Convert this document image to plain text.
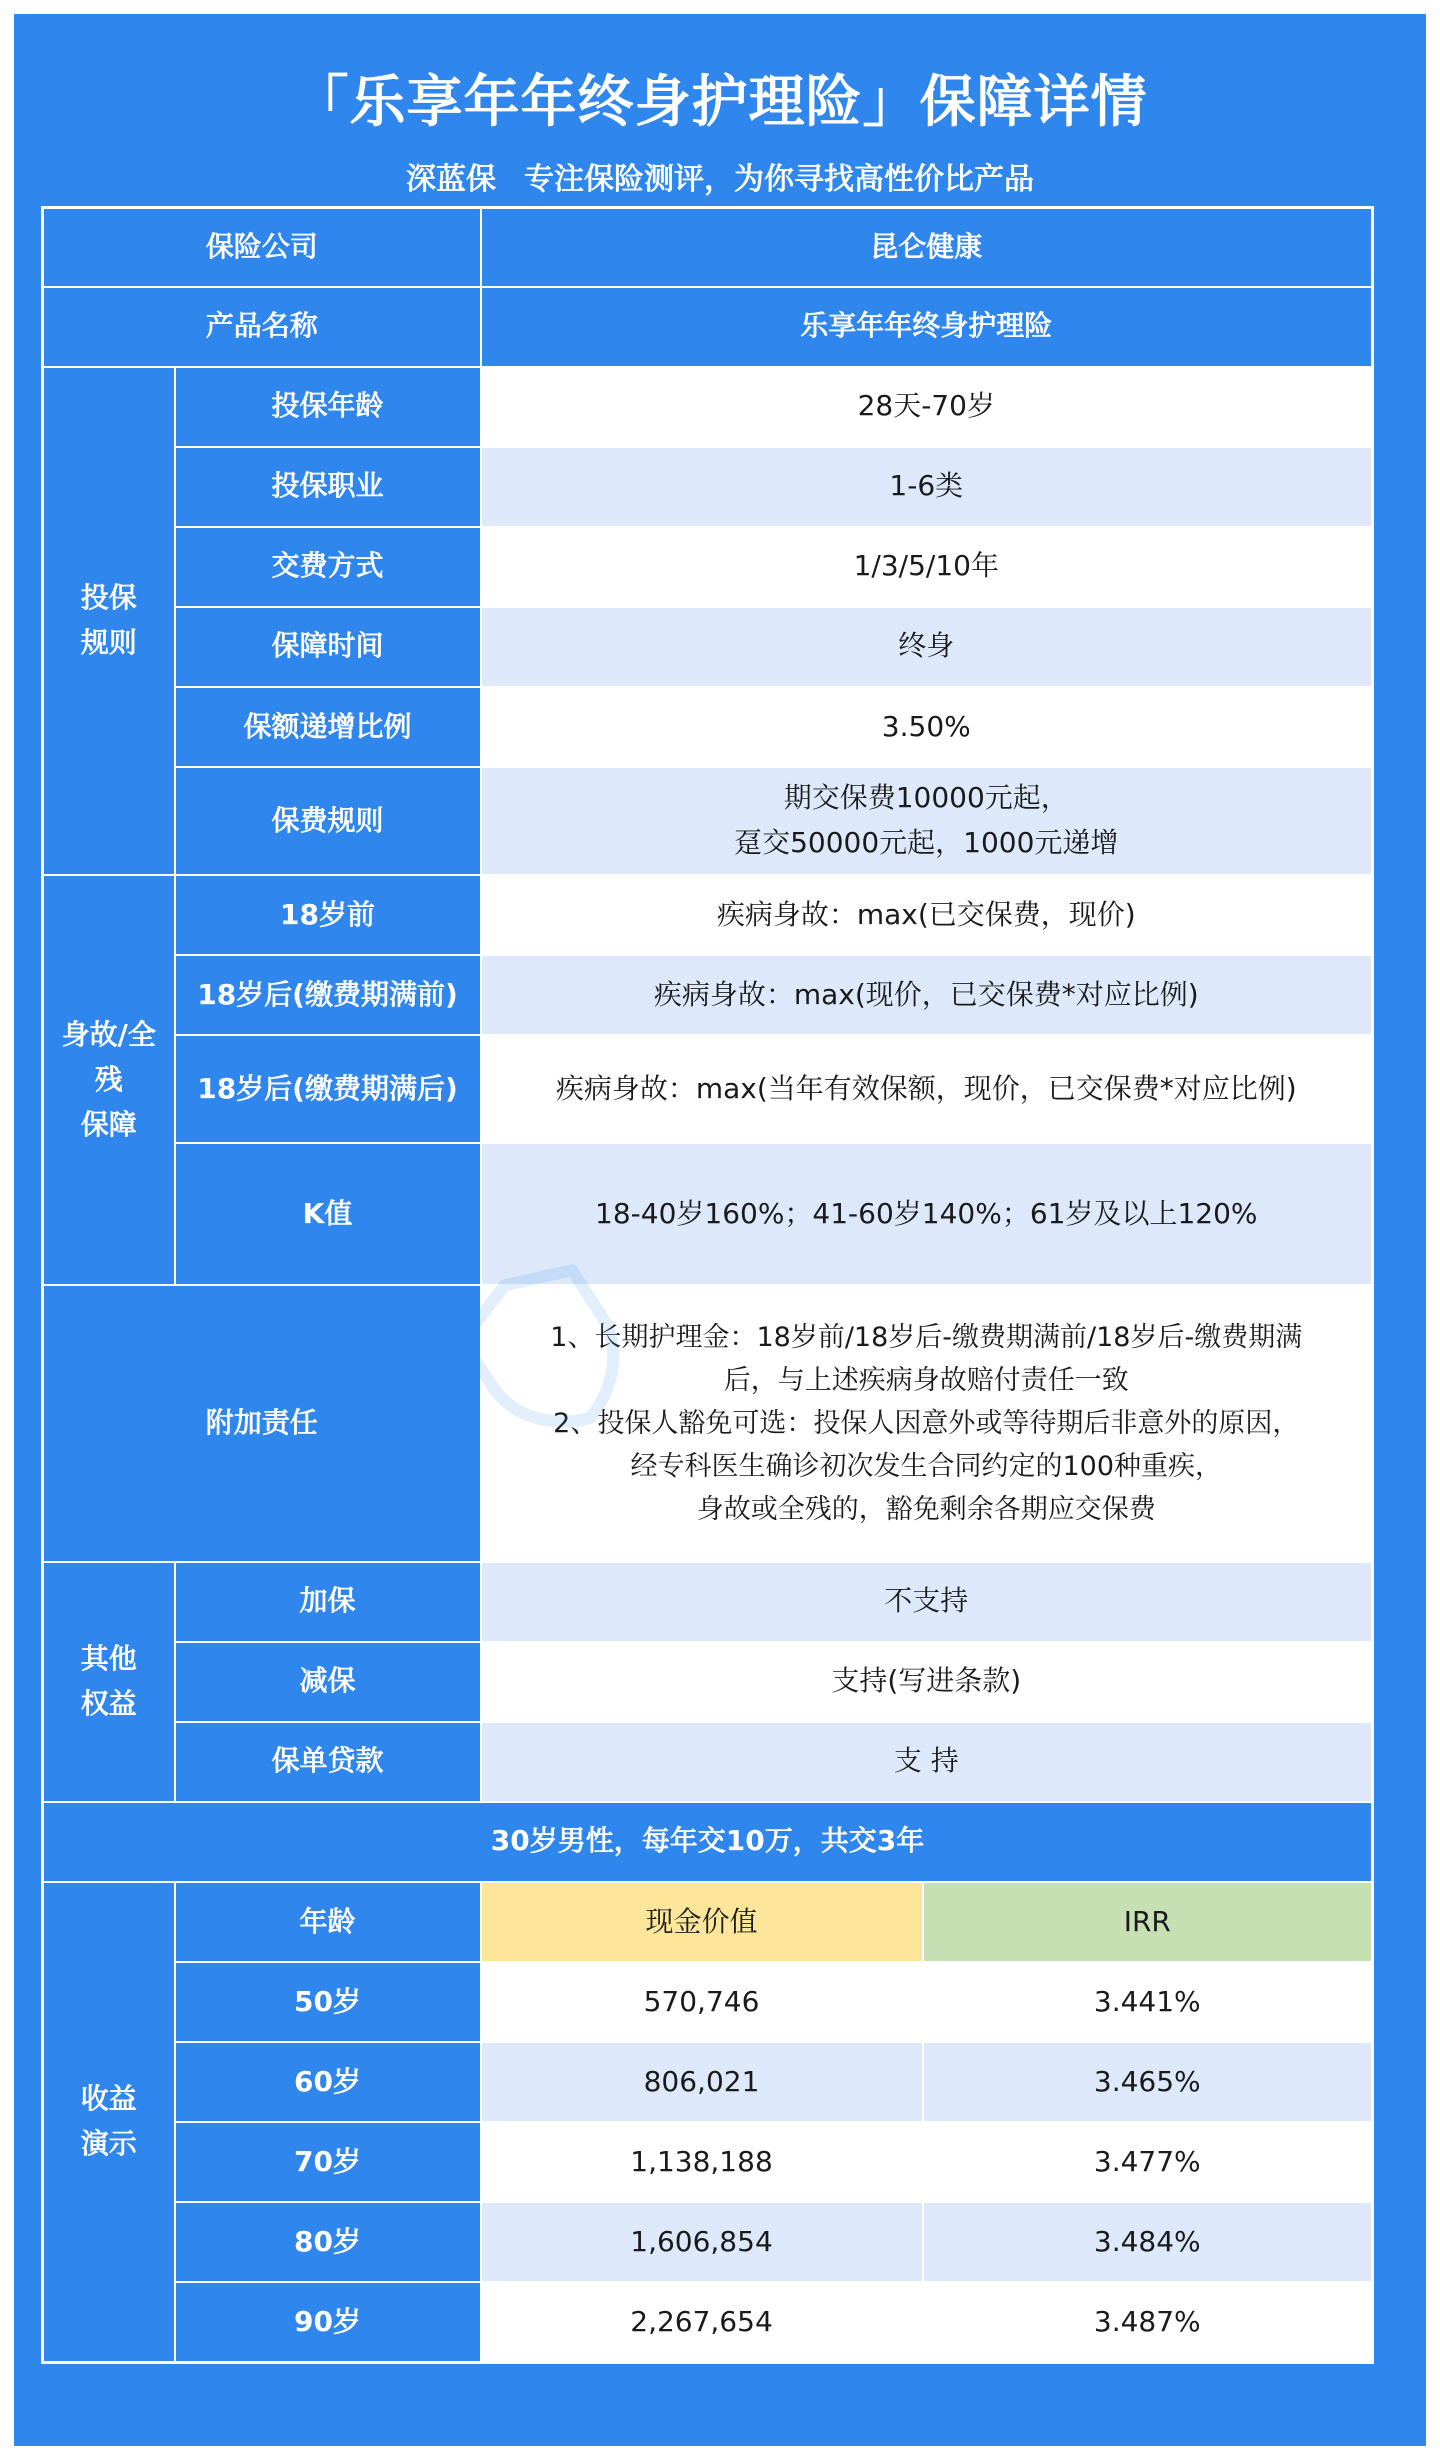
「乐享年年终身护理险」保障详情
深蓝保 专注保险测评，为你寻找高性价比产品
保险公司		昆仑健康	
产品名称		乐享年年终身护理险	
投保
规则	投保年龄	28天-70岁	
	投保职业	1-6类	
	交费方式	1/3/5/10年	
	保障时间	终身	
	保额递增比例	3.50%	
	保费规则	期交保费10000元起，
趸交50000元起，1000元递增	
身故/全
残
保障	18岁前	疾病身故：max(已交保费，现价)	
	18岁后(缴费期满前)	疾病身故：max(现价，已交保费*对应比例)	
	18岁后(缴费期满后)	疾病身故：max(当年有效保额，现价，已交保费*对应比例)	
	K值	18-40岁160%；41-60岁140%；61岁及以上120%	
附加责任		1、长期护理金：18岁前/18岁后-缴费期满前/18岁后-缴费期满
后，与上述疾病身故赔付责任一致
2、投保人豁免可选：投保人因意外或等待期后非意外的原因，
经专科医生确诊初次发生合同约定的100种重疾，
身故或全残的，豁免剩余各期应交保费	
其他
权益	加保	不支持	
	减保	支持(写进条款)	
	保单贷款	支 持	
30岁男性，每年交10万，共交3年			
收益
演示	年龄	现金价值	IRR
	50岁	570,746	3.441%
	60岁	806,021	3.465%
	70岁	1,138,188	3.477%
	80岁	1,606,854	3.484%
	90岁	2,267,654	3.487%
